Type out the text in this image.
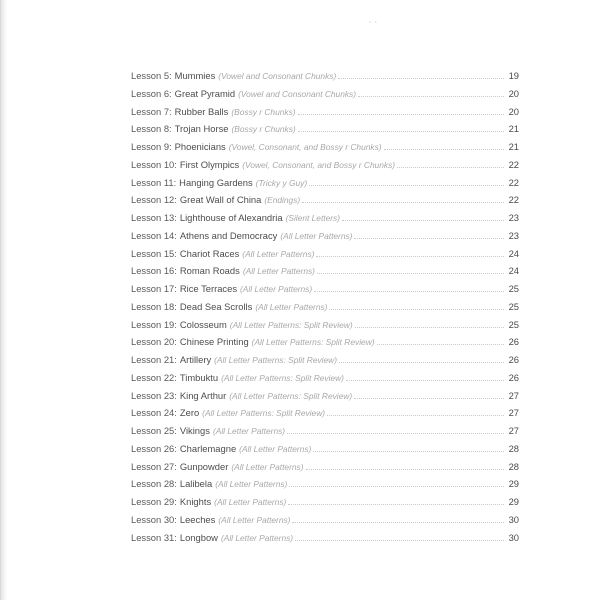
, ,
Lesson 5: Mummies (Vowel and Consonant Chunks)	19
Lesson 6: Great Pyramid (Vowel and Consonant Chunks)	20
Lesson 7: Rubber Balls (Bossy r Chunks)	20
Lesson 8: Trojan Horse (Bossy r Chunks)	21
Lesson 9: Phoenicians (Vowel, Consonant, and Bossy r Chunks)	21
Lesson 10: First Olympics (Vowel, Consonant, and Bossy r Chunks)	22
Lesson 11: Hanging Gardens (Tricky y Guy)	22
Lesson 12: Great Wall of China (Endings)	22
Lesson 13: Lighthouse of Alexandria (Silent Letters)	23
Lesson 14: Athens and Democracy (All Letter Patterns)	23
Lesson 15: Chariot Races (All Letter Patterns)	24
Lesson 16: Roman Roads (All Letter Patterns)	24
Lesson 17: Rice Terraces (All Letter Patterns)	25
Lesson 18: Dead Sea Scrolls (All Letter Patterns)	25
Lesson 19: Colosseum (All Letter Patterns: Split Review)	25
Lesson 20: Chinese Printing (All Letter Patterns: Split Review)	26
Lesson 21: Artillery (All Letter Patterns: Split Review)	26
Lesson 22: Timbuktu (All Letter Patterns: Split Review)	26
Lesson 23: King Arthur (All Letter Patterns: Split Review)	27
Lesson 24: Zero (All Letter Patterns: Split Review)	27
Lesson 25: Vikings (All Letter Patterns)	27
Lesson 26: Charlemagne (All Letter Patterns)	28
Lesson 27: Gunpowder (All Letter Patterns)	28
Lesson 28: Lalibela (All Letter Patterns)	29
Lesson 29: Knights (All Letter Patterns)	29
Lesson 30: Leeches (All Letter Patterns)	30
Lesson 31: Longbow (All Letter Patterns)	30
